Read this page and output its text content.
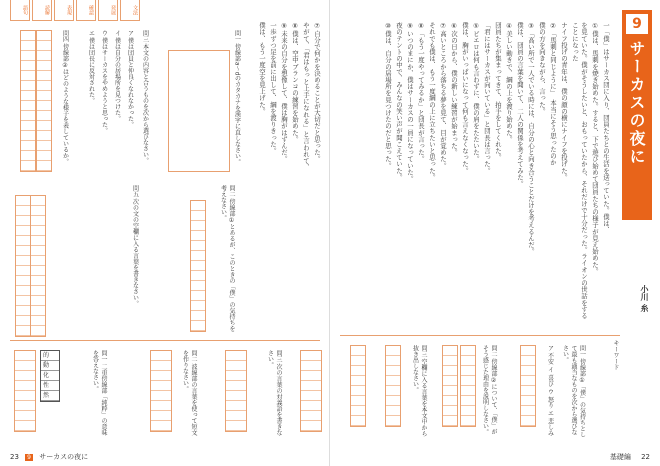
9
サーカスの夜に
小川 糸
キーワード

一「僕」はサーカス団に入り、団員たちとの生活を送っていた。僕は、

①僕は、馬刺を焼き始めた。すると、下で遊び始めて団員たちの様子が見え始めた。

を見ていた。僕がそうしたいと、おもっていたから、それだけで十分だった。ライオンの世話をすることになった

ナイフ投げの青年は、僕の顔の横にナイフを投げた。

②「馬刺と同じように」　本当にそう思ったのか

僕の方を向きながら、言った。

③「高い所で一人でいる時には、自分の心と向き合うことだけを考えるんだ。

僕は、団員の言葉を聞いて、二人の関係を考えてみた。

④美しい動きで、綱の上を渡り始めた。

団員たちが集まってきて、拍手をしてくれた。

「君にはサーカスが向いている」と団長は言った。

⑤ピエロは何も言わずに、僕の肩をたたいた。

僕は、胸がいっぱいになって何も言えなくなった。

⑥次の日から、僕の新しい練習が始まった。

⑦高いところから落ちる夢を見て、目が覚めた。

それでも僕は、もう一度綱の上に立ちたいと思った。

⑧「もう一度やってみるか」と団長が言った。

⑨いつのまにか、僕はサーカスの一員になっていた。

夜のテントの中で、みんなの笑い声が聞こえていた。

⑩僕は、自分の居場所を見つけたのだと思った。

問一 傍線部①「僕」の気持ちとして最も適当なものを次から選びなさい。
ア 不安 イ 喜び ウ 怒り エ 悲しみ
問二 傍線部②について、「僕」がそう感じた理由を説明しなさい。
問三 空欄に入る言葉を本文中から抜き出しなさい。
基礎編 22
語句	読解	表現	確認	発展	文法

⑦自分で何かを決めることが大切だと思った。

やがて、「君はもっと上手になれる」と言われて、

⑧僕は、空中ブランコの練習を始めた。

⑨未来の自分を想像して、僕は胸がはずんだ。

一歩ずつ足を前に出して、綱を渡りきった。

僕は、もう一度空を見上げた。

問一 傍線部a〜dのカタカナを漢字に直しなさい。
問二 傍線部①とあるが、このときの「僕」の気持ちを考えなさい。
問三 本文の内容と合うものを次から選びなさい。
ア 僕は団員と仲良くなれなかった。
イ 僕は自分の居場所を見つけた。
ウ 僕はサーカスをやめようと思った。
エ 僕は団長に反対された。
問四 傍線部②はどのような様子を表しているか。
問五 次の文の空欄に入る言葉を書きなさい。
的
動
化
性
然	問一 二重傍線部「純粋」の意味を答えなさい。	問二 波線部の言葉を使って短文を作りなさい。	問三 次の言葉の対義語を書きなさい。
23 9 サーカスの夜に
